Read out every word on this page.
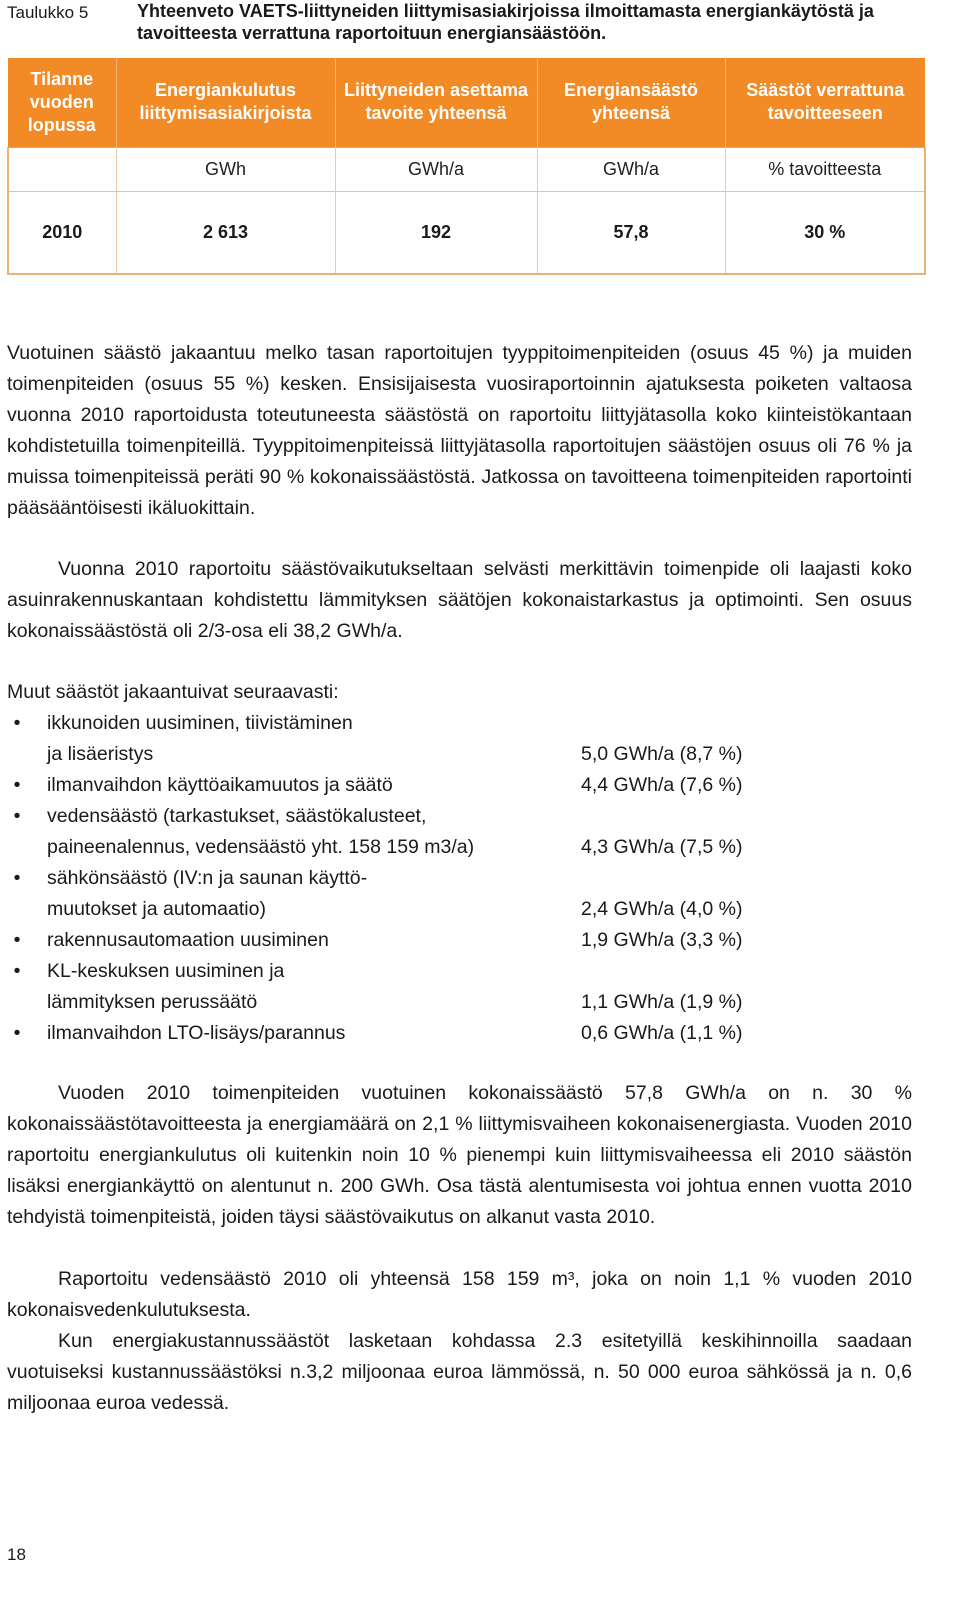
Taulukko 5	Yhteenveto VAETS-liittyneiden liittymisasiakirjoissa ilmoittamasta energiankäytöstä ja tavoitteesta verrattuna raportoituun energiansäästöön.
Tilanne vuoden lopussa	Energiankulutus liittymisasiakirjoista	Liittyneiden asettama tavoite yhteensä	Energiansäästö yhteensä	Säästöt verrattuna tavoitteeseen
	GWh	GWh/a	GWh/a	% tavoitteesta
2010	2 613	192	57,8	30 %

Vuotuinen säästö jakaantuu melko tasan raportoitujen tyyppitoimenpiteiden (osuus 45 %) ja muiden toimenpiteiden (osuus 55 %) kesken. Ensisijaisesta vuosiraportoinnin ajatuksesta poiketen valtaosa vuonna 2010 raportoidusta toteutuneesta säästöstä on raportoitu liittyjätasolla koko kiinteistökantaan kohdistetuilla toimenpiteillä. Tyyppitoimenpiteissä liittyjätasolla raportoitujen säästöjen osuus oli 76 % ja muissa toimenpiteissä peräti 90 % kokonaissäästöstä. Jatkossa on tavoitteena toimenpiteiden raportointi pääsääntöisesti ikäluokittain.

Vuonna 2010 raportoitu säästövaikutukseltaan selvästi merkittävin toimenpide oli laajasti koko asuinrakennuskantaan kohdistettu lämmityksen säätöjen kokonaistarkastus ja optimointi. Sen osuus kokonaissäästöstä oli 2/3-osa eli 38,2 GWh/a.

Muut säästöt jakaantuivat seuraavasti:

•	ikkunoiden uusiminen, tiivistäminen
ja lisäeristys	5,0 GWh/a (8,7 %)
•	ilmanvaihdon käyttöaikamuutos ja säätö	4,4 GWh/a (7,6 %)
•	vedensäästö (tarkastukset, säästökalusteet,
paineenalennus, vedensäästö yht. 158 159 m3/a)	4,3 GWh/a (7,5 %)
•	sähkönsäästö (IV:n ja saunan käyttö-
muutokset ja automaatio)	2,4 GWh/a (4,0 %)
•	rakennusautomaation uusiminen	1,9 GWh/a (3,3 %)
•	KL-keskuksen uusiminen ja
lämmityksen perussäätö	1,1 GWh/a (1,9 %)
•	ilmanvaihdon LTO-lisäys/parannus	0,6 GWh/a (1,1 %)

Vuoden 2010 toimenpiteiden vuotuinen kokonaissäästö 57,8 GWh/a on n. 30 % kokonaissäästötavoitteesta ja energiamäärä on 2,1 % liittymisvaiheen kokonaisenergiasta. Vuoden 2010 raportoitu energiankulutus oli kuitenkin noin 10 % pienempi kuin liittymisvaiheessa eli 2010 säästön lisäksi energiankäyttö on alentunut n. 200 GWh. Osa tästä alentumisesta voi johtua ennen vuotta 2010 tehdyistä toimenpiteistä, joiden täysi säästövaikutus on alkanut vasta 2010.

Raportoitu vedensäästö 2010 oli yhteensä 158 159 m³, joka on noin 1,1 % vuoden 2010 kokonaisvedenkulutuksesta.

Kun energiakustannussäästöt lasketaan kohdassa 2.3 esitetyillä keskihinnoilla saadaan vuotuiseksi kustannussäästöksi n.3,2 miljoonaa euroa lämmössä, n. 50 000 euroa sähkössä ja n. 0,6 miljoonaa euroa vedessä.

18
